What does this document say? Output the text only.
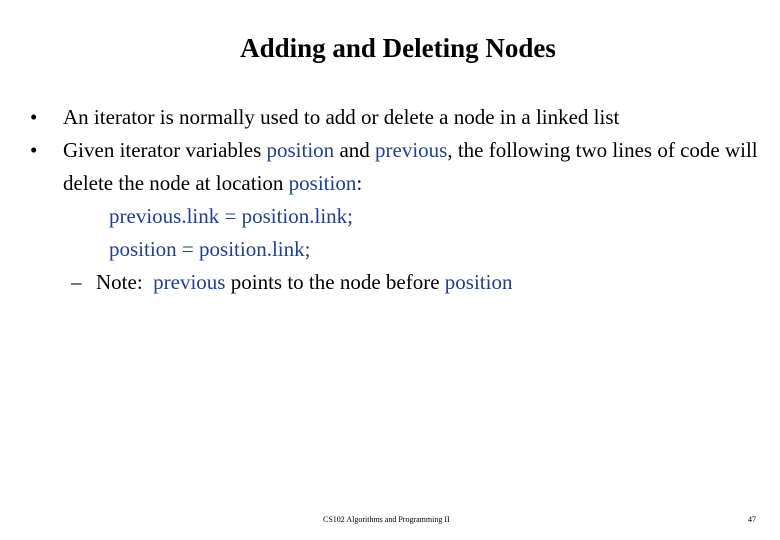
Adding and Deleting Nodes
• An iterator is normally used to add or delete a node in a linked list
• Given iterator variables position and previous, the following two lines of code will delete the node at location position:
previous.link = position.link;
position = position.link;
– Note:  previous points to the node before position
CS102 Algorithms and Programming II	47
